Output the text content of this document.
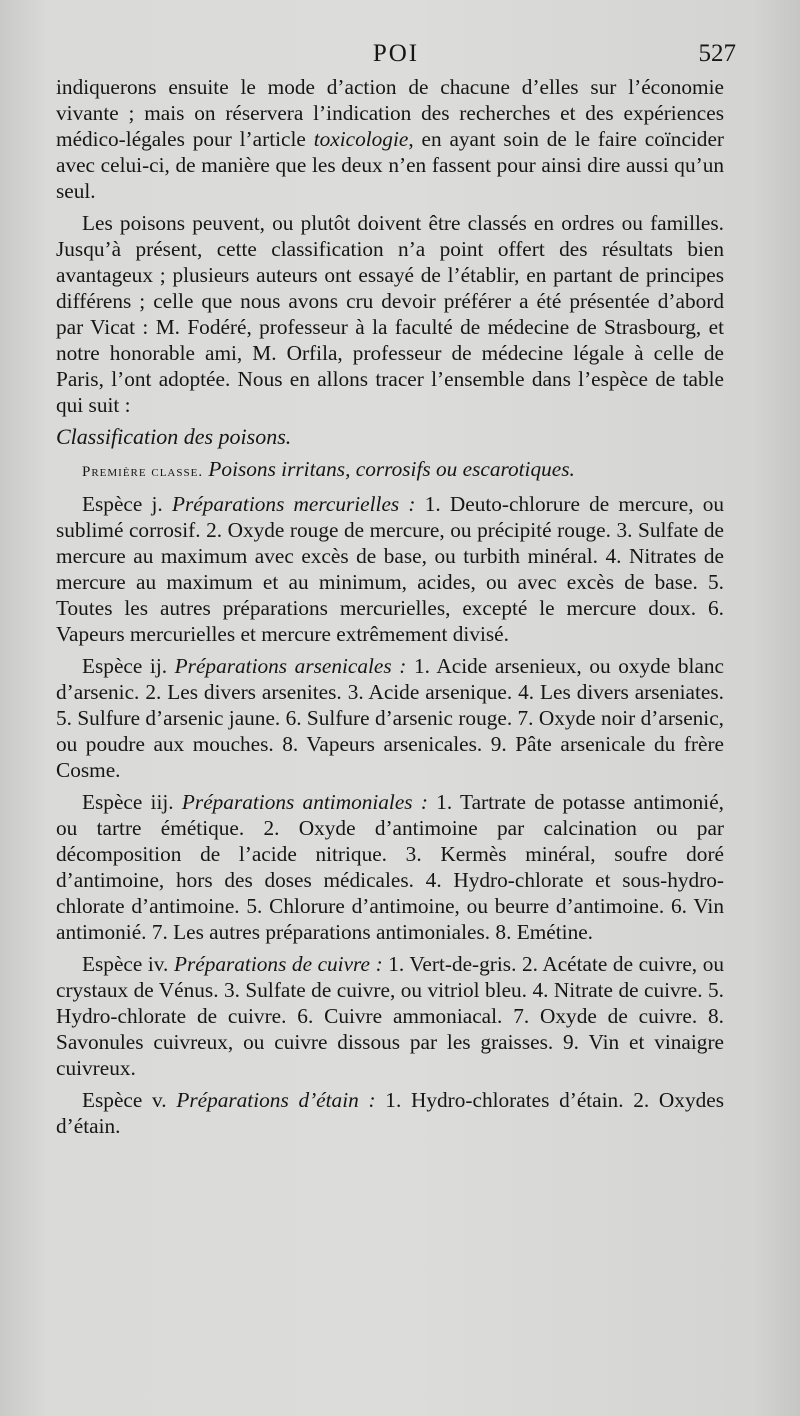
POI	527

indiquerons ensuite le mode d’action de chacune d’elles sur l’économie vivante ; mais on réservera l’indication des recherches et des expériences médico-légales pour l’article toxicologie, en ayant soin de le faire coïncider avec celui-ci, de manière que les deux n’en fassent pour ainsi dire aussi qu’un seul.

Les poisons peuvent, ou plutôt doivent être classés en ordres ou familles. Jusqu’à présent, cette classification n’a point offert des résultats bien avantageux ; plusieurs auteurs ont essayé de l’établir, en partant de principes différens ; celle que nous avons cru devoir préférer a été présentée d’abord par Vicat : M. Fodéré, professeur à la faculté de médecine de Strasbourg, et notre honorable ami, M. Orfila, professeur de médecine légale à celle de Paris, l’ont adoptée. Nous en allons tracer l’ensemble dans l’espèce de table qui suit :

Classification des poisons.

Première classe. Poisons irritans, corrosifs ou escarotiques.

Espèce j. Préparations mercurielles : 1. Deuto-chlorure de mercure, ou sublimé corrosif. 2. Oxyde rouge de mercure, ou précipité rouge. 3. Sulfate de mercure au maximum avec excès de base, ou turbith minéral. 4. Nitrates de mercure au maximum et au minimum, acides, ou avec excès de base. 5. Toutes les autres préparations mercurielles, excepté le mercure doux. 6. Vapeurs mercurielles et mercure extrêmement divisé.

Espèce ij. Préparations arsenicales : 1. Acide arsenieux, ou oxyde blanc d’arsenic. 2. Les divers arsenites. 3. Acide arsenique. 4. Les divers arseniates. 5. Sulfure d’arsenic jaune. 6. Sulfure d’arsenic rouge. 7. Oxyde noir d’arsenic, ou poudre aux mouches. 8. Vapeurs arsenicales. 9. Pâte arsenicale du frère Cosme.

Espèce iij. Préparations antimoniales : 1. Tartrate de potasse antimonié, ou tartre émétique. 2. Oxyde d’antimoine par calcination ou par décomposition de l’acide nitrique. 3. Kermès minéral, soufre doré d’antimoine, hors des doses médicales. 4. Hydro-chlorate et sous-hydro-chlorate d’antimoine. 5. Chlorure d’antimoine, ou beurre d’antimoine. 6. Vin antimonié. 7. Les autres préparations antimoniales. 8. Emétine.

Espèce iv. Préparations de cuivre : 1. Vert-de-gris. 2. Acétate de cuivre, ou crystaux de Vénus. 3. Sulfate de cuivre, ou vitriol bleu. 4. Nitrate de cuivre. 5. Hydro-chlorate de cuivre. 6. Cuivre ammoniacal. 7. Oxyde de cuivre. 8. Savonules cuivreux, ou cuivre dissous par les graisses. 9. Vin et vinaigre cuivreux.

Espèce v. Préparations d’étain : 1. Hydro-chlorates d’étain. 2. Oxydes d’étain.
